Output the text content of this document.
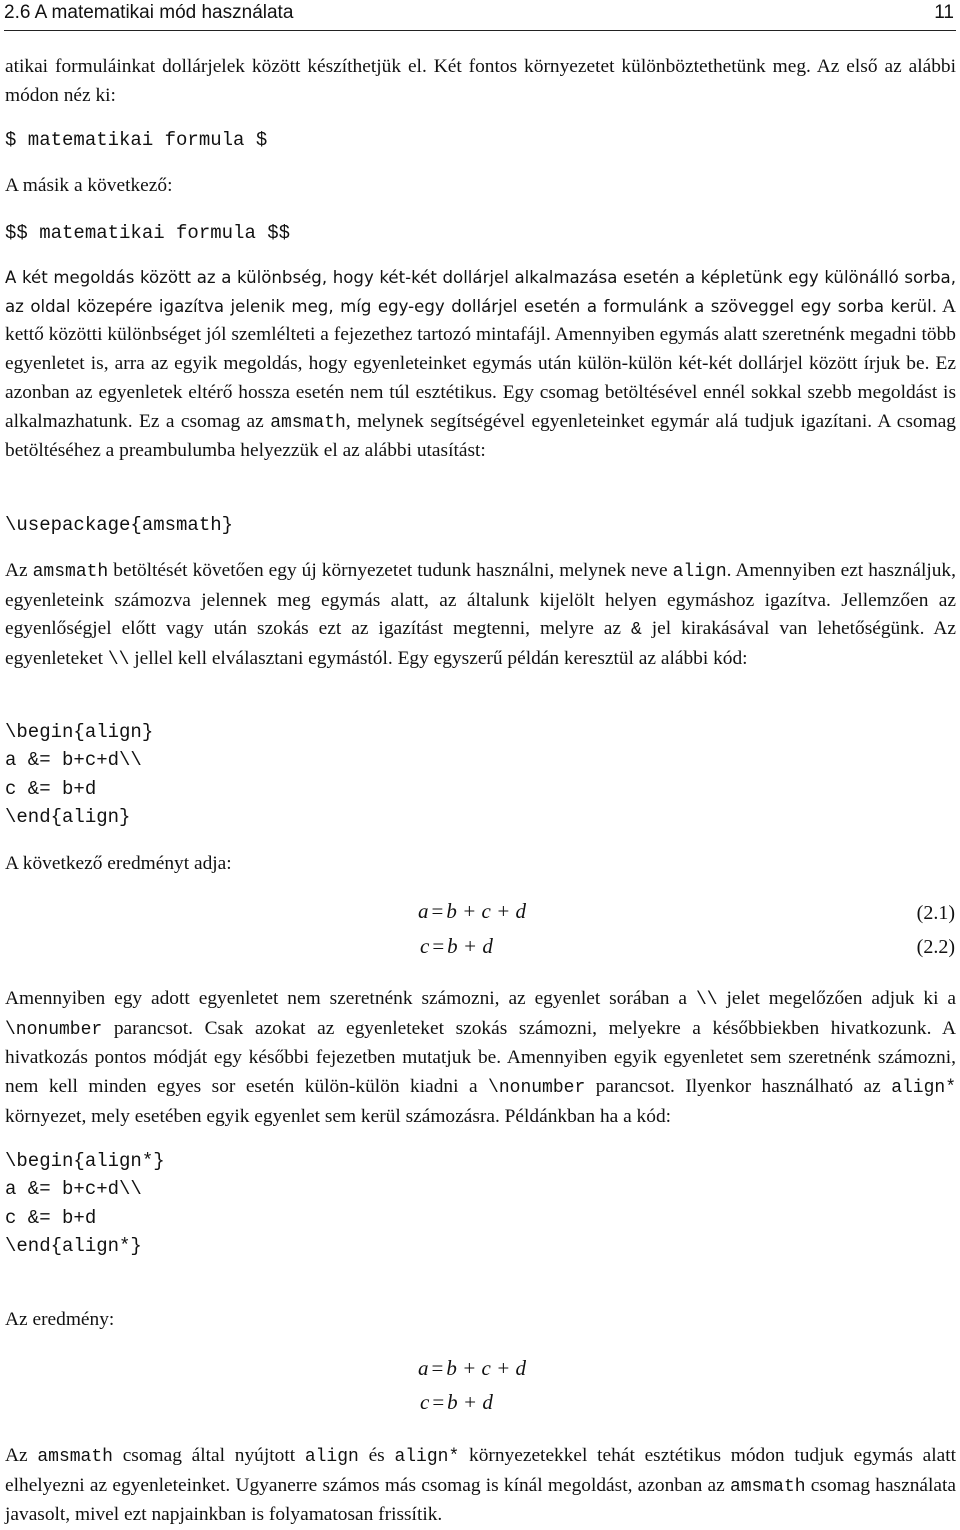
2.6 A matematikai mód használata	11

atikai formuláinkat dollárjelek között készíthetjük el. Két fontos környezetet különböztethetünk meg. Az első az alábbi módon néz ki:

$ matematikai formula $

A másik a következő:

$$ matematikai formula $$

A két megoldás között az a különbség, hogy két-két dollárjel alkalmazása esetén a képletünk egy különálló sorba, az oldal közepére igazítva jelenik meg, míg egy-egy dollárjel esetén a formulánk a szöveggel egy sorba kerül. A kettő közötti különbséget jól szemlélteti a fejezethez tartozó mintafájl. Amennyiben egymás alatt szeretnénk megadni több egyenletet is, arra az egyik megoldás, hogy egyenleteinket egymás után külön-külön két-két dollárjel között írjuk be. Ez azonban az egyenletek eltérő hossza esetén nem túl esztétikus. Egy csomag betöltésével ennél sokkal szebb megoldást is alkalmazhatunk. Ez a csomag az amsmath, melynek segítségével egyenleteinket egymár alá tudjuk igazítani. A csomag betöltéséhez a preambulumba helyezzük el az alábbi utasítást:

\usepackage{amsmath}

Az amsmath betöltését követően egy új környezetet tudunk használni, melynek neve align. Amennyiben ezt használjuk, egyenleteink számozva jelennek meg egymás alatt, az általunk kijelölt helyen egymáshoz igazítva. Jellemzően az egyenlőségjel előtt vagy után szokás ezt az igazítást megtenni, melyre az & jel kirakásával van lehetőségünk. Az egyenleteket \\ jellel kell elválasztani egymástól. Egy egyszerű példán keresztül az alábbi kód:

\begin{align}
a &= b+c+d\\
c &= b+d
\end{align}

A következő eredményt adja:

a = b + c + d	(2.1)
c = b + d	(2.2)

Amennyiben egy adott egyenletet nem szeretnénk számozni, az egyenlet sorában a \\ jelet megelőzően adjuk ki a \nonumber parancsot. Csak azokat az egyenleteket szokás számozni, melyekre a későbbiekben hivatkozunk. A hivatkozás pontos módját egy későbbi fejezetben mutatjuk be. Amennyiben egyik egyenletet sem szeretnénk számozni, nem kell minden egyes sor esetén külön-külön kiadni a \nonumber parancsot. Ilyenkor használható az align* környezet, mely esetében egyik egyenlet sem kerül számozásra. Példánkban ha a kód:

\begin{align*}
a &= b+c+d\\
c &= b+d
\end{align*}

Az eredmény:

a = b + c + d
c = b + d

Az amsmath csomag által nyújtott align és align* környezetekkel tehát esztétikus módon tudjuk egymás alatt elhelyezni az egyenleteinket. Ugyanerre számos más csomag is kínál megoldást, azonban az amsmath csomag használata javasolt, mivel ezt napjainkban is folyamatosan frissítik.
